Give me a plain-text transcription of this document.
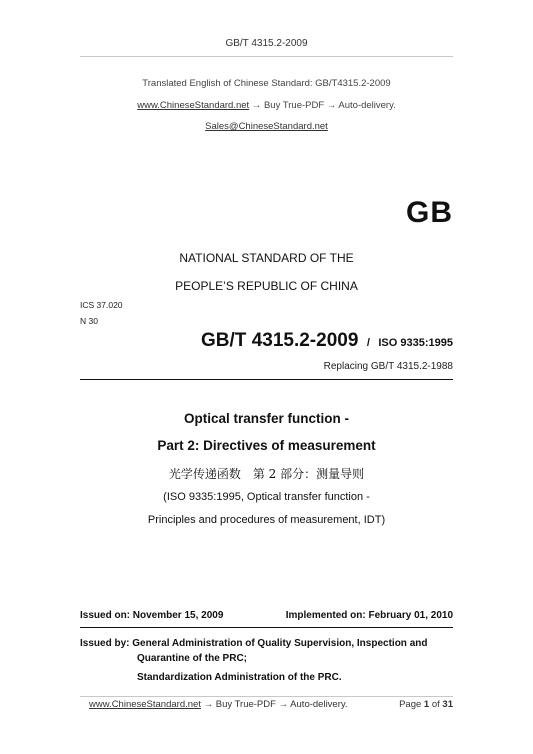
GB/T 4315.2-2009
Translated English of Chinese Standard: GB/T4315.2-2009
www.ChineseStandard.net → Buy True-PDF → Auto-delivery.
Sales@ChineseStandard.net
GB
NATIONAL STANDARD OF THE
PEOPLE’S REPUBLIC OF CHINA
ICS 37.020
N 30
GB/T 4315.2-2009 / ISO 9335:1995
Replacing GB/T 4315.2-1988
Optical transfer function -
Part 2: Directives of measurement
光学传递函数　第 2 部分：测量导则
(ISO 9335:1995, Optical transfer function -
Principles and procedures of measurement, IDT)
Issued on: November 15, 2009	Implemented on: February 01, 2010
Issued by: General Administration of Quality Supervision, Inspection and
Quarantine of the PRC;
Standardization Administration of the PRC.
www.ChineseStandard.net → Buy True-PDF → Auto-delivery.	Page 1 of 31
